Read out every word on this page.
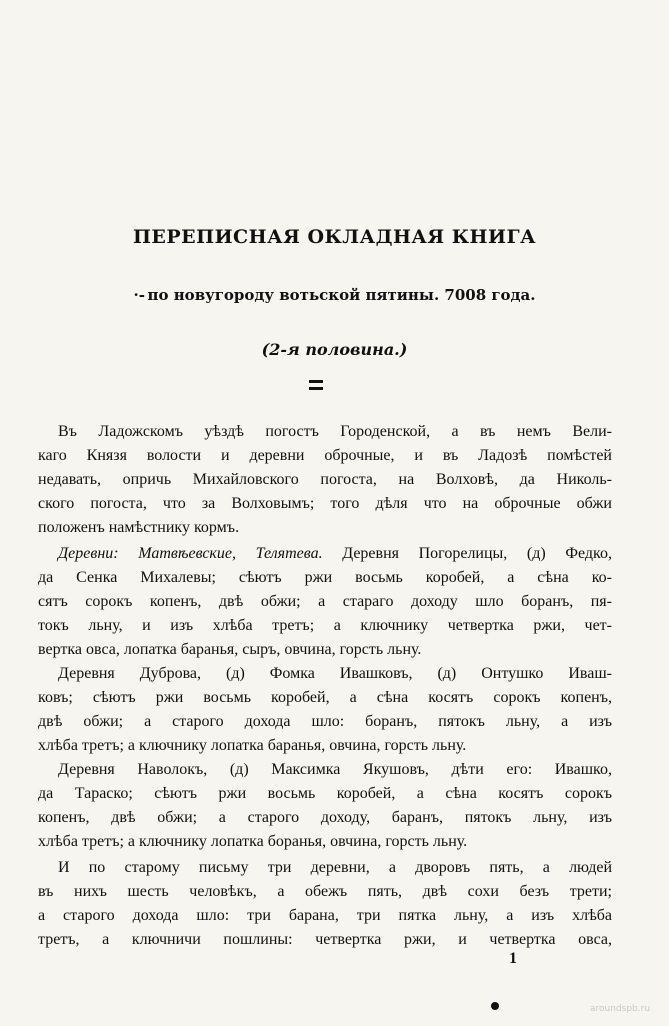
ПЕРЕПИСНАЯ ОКЛАДНАЯ КНИГА
·- по новугороду вотьской пятины. 7008 года.
(2-я половина.)
Въ Ладожскомъ уѣздѣ погостъ Городенской, а въ немъ Вели-
каго Князя волости и деревни оброчные, и въ Ладозѣ помѣстей
недавать, опричь Михайловского погоста, на Волховѣ, да Николь-
ского погоста, что за Волховымъ; того дѣля что на оброчные обжи
положенъ намѣстнику кормъ.
Деревни: Матвѣевские, Телятева. Деревня Погорелицы, (д) Федко,
да Сенка Михалевы; сѣютъ ржи восьмь коробей, а сѣна ко-
сятъ сорокъ копенъ, двѣ обжи; а стараго доходу шло боранъ, пя-
токъ льну, и изъ хлѣба третъ; а ключнику четвертка ржи, чет-
вертка овса, лопатка баранья, сыръ, овчина, горсть льну.
Деревня Дуброва, (д) Фомка Ивашковъ, (д) Онтушко Иваш-
ковъ; сѣютъ ржи восьмь коробей, а сѣна косятъ сорокъ копенъ,
двѣ обжи; а старого дохода шло: боранъ, пятокъ льну, а изъ
хлѣба третъ; а ключнику лопатка баранья, овчина, горсть льну.
Деревня Наволокъ, (д) Максимка Якушовъ, дѣти его: Ивашко,
да Тараско; сѣютъ ржи восьмь коробей, а сѣна косятъ сорокъ
копенъ, двѣ обжи; а старого доходу, баранъ, пятокъ льну, изъ
хлѣба третъ; а ключнику лопатка боранья, овчина, горсть льну.
И по старому письму три деревни, а дворовъ пять, а людей
въ нихъ шесть человѣкъ, а обежъ пять, двѣ сохи безъ трети;
а старого дохода шло: три барана, три пятка льну, а изъ хлѣба
третъ, а ключничи пошлины: четвертка ржи, и четвертка овса,
1
aroundspb.ru
